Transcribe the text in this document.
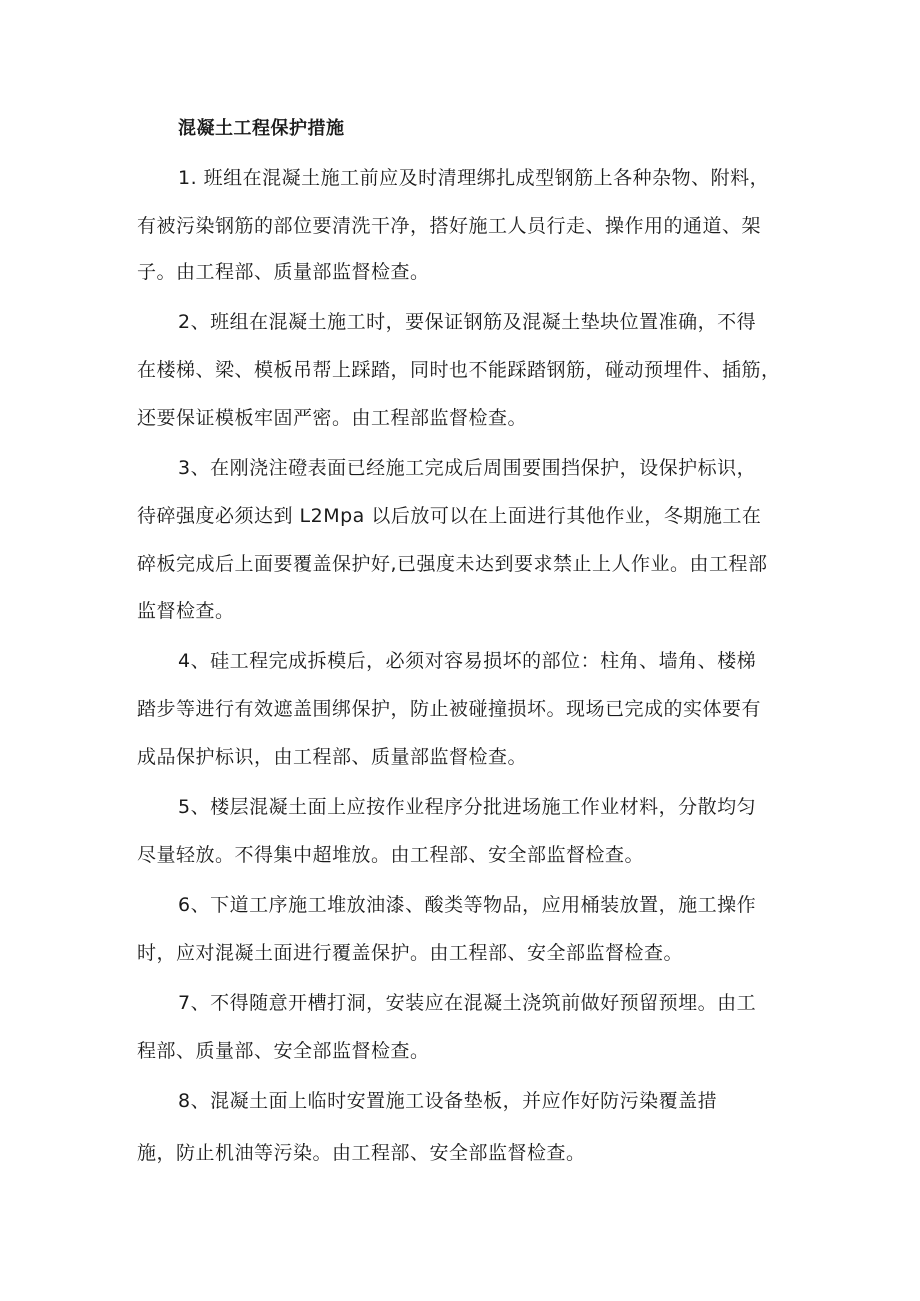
混凝土工程保护措施
1. 班组在混凝土施工前应及时清理绑扎成型钢筋上各种杂物、附料，
有被污染钢筋的部位要清洗干净，搭好施工人员行走、操作用的通道、架
子。由工程部、质量部监督检查。
2、班组在混凝土施工时，要保证钢筋及混凝土垫块位置准确，不得
在楼梯、梁、模板吊帮上踩踏，同时也不能踩踏钢筋，碰动预埋件、插筋，
还要保证模板牢固严密。由工程部监督检查。
3、在刚浇注磴表面已经施工完成后周围要围挡保护，设保护标识，
待碎强度必须达到 L2Mpa 以后放可以在上面进行其他作业，冬期施工在
碎板完成后上面要覆盖保护好,已强度未达到要求禁止上人作业。由工程部
监督检查。
4、硅工程完成拆模后，必须对容易损坏的部位：柱角、墙角、楼梯
踏步等进行有效遮盖围绑保护，防止被碰撞损坏。现场已完成的实体要有
成品保护标识，由工程部、质量部监督检查。
5、楼层混凝土面上应按作业程序分批进场施工作业材料，分散均匀
尽量轻放。不得集中超堆放。由工程部、安全部监督检查。
6、下道工序施工堆放油漆、酸类等物品，应用桶装放置，施工操作
时，应对混凝土面进行覆盖保护。由工程部、安全部监督检查。
7、不得随意开槽打洞，安装应在混凝土浇筑前做好预留预埋。由工
程部、质量部、安全部监督检查。
8、混凝土面上临时安置施工设备垫板，并应作好防污染覆盖措
施，防止机油等污染。由工程部、安全部监督检查。
